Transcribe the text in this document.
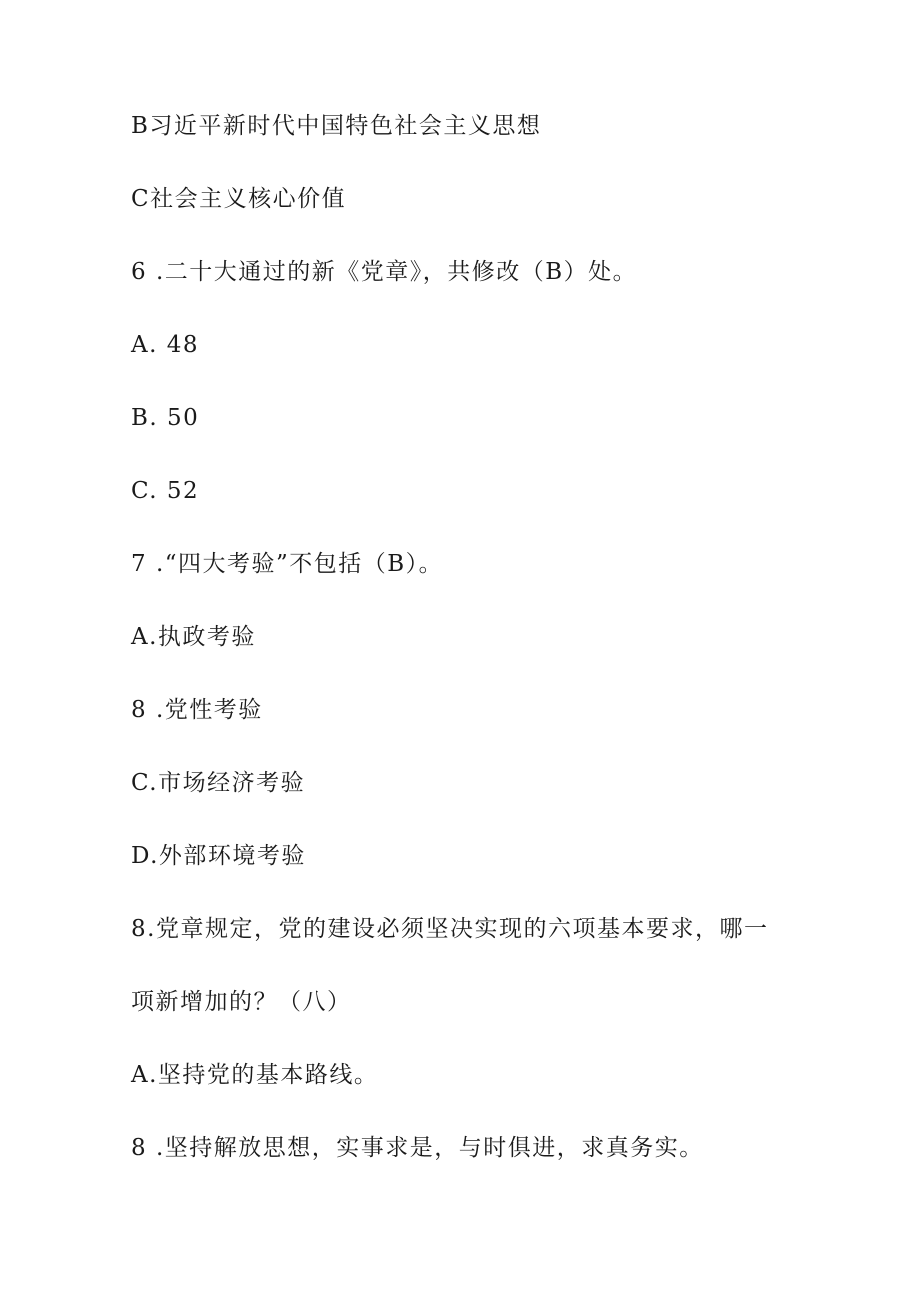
B习近平新时代中国特色社会主义思想

C社会主义核心价值

6 .二十大通过的新《党章》，共修改（B）处。

A. 48

B. 50

C. 52

7 .“四大考验”不包括（B）。

A.执政考验

8 .党性考验

C.市场经济考验

D.外部环境考验

8.党章规定，党的建设必须坚决实现的六项基本要求，哪一

项新增加的？（八）

A.坚持党的基本路线。

8 .坚持解放思想，实事求是，与时俱进，求真务实。
